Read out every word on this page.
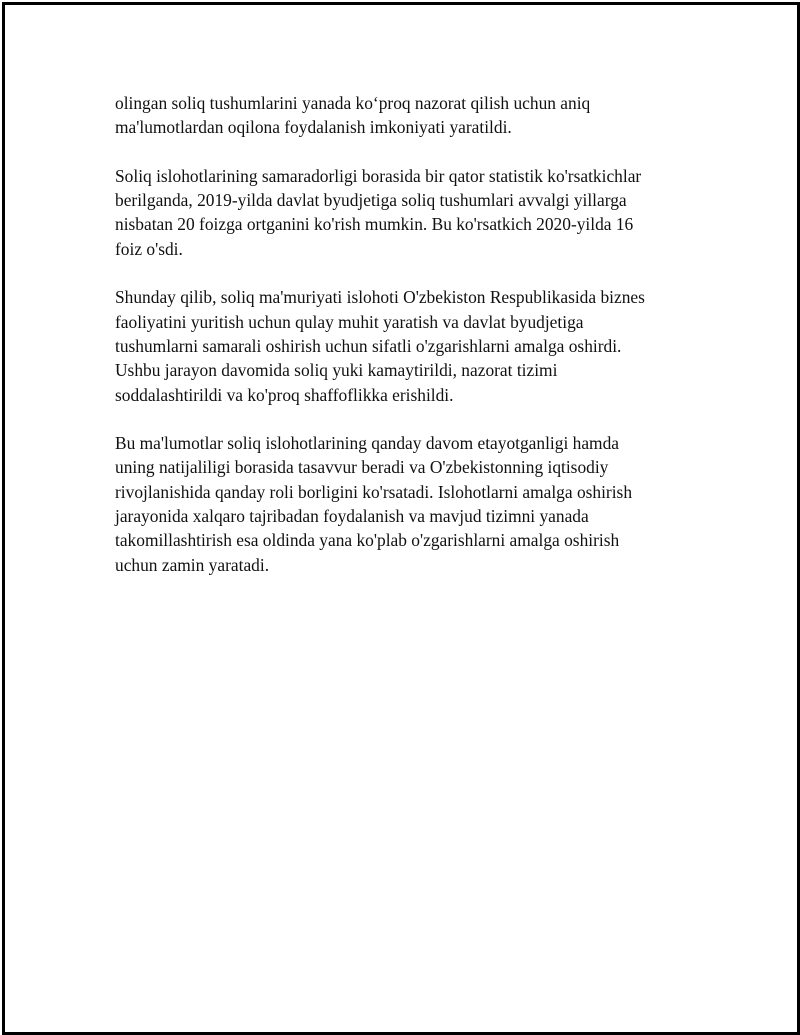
olingan soliq tushumlarini yanada ko‘proq nazorat qilish uchun aniq
ma'lumotlardan oqilona foydalanish imkoniyati yaratildi.

Soliq islohotlarining samaradorligi borasida bir qator statistik ko'rsatkichlar
berilganda, 2019-yilda davlat byudjetiga soliq tushumlari avvalgi yillarga
nisbatan 20 foizga ortganini ko'rish mumkin. Bu ko'rsatkich 2020-yilda 16
foiz o'sdi.

Shunday qilib, soliq ma'muriyati islohoti O'zbekiston Respublikasida biznes
faoliyatini yuritish uchun qulay muhit yaratish va davlat byudjetiga
tushumlarni samarali oshirish uchun sifatli o'zgarishlarni amalga oshirdi.
Ushbu jarayon davomida soliq yuki kamaytirildi, nazorat tizimi
soddalashtirildi va ko'proq shaffoflikka erishildi.

Bu ma'lumotlar soliq islohotlarining qanday davom etayotganligi hamda
uning natijaliligi borasida tasavvur beradi va O'zbekistonning iqtisodiy
rivojlanishida qanday roli borligini ko'rsatadi. Islohotlarni amalga oshirish
jarayonida xalqaro tajribadan foydalanish va mavjud tizimni yanada
takomillashtirish esa oldinda yana ko'plab o'zgarishlarni amalga oshirish
uchun zamin yaratadi.
